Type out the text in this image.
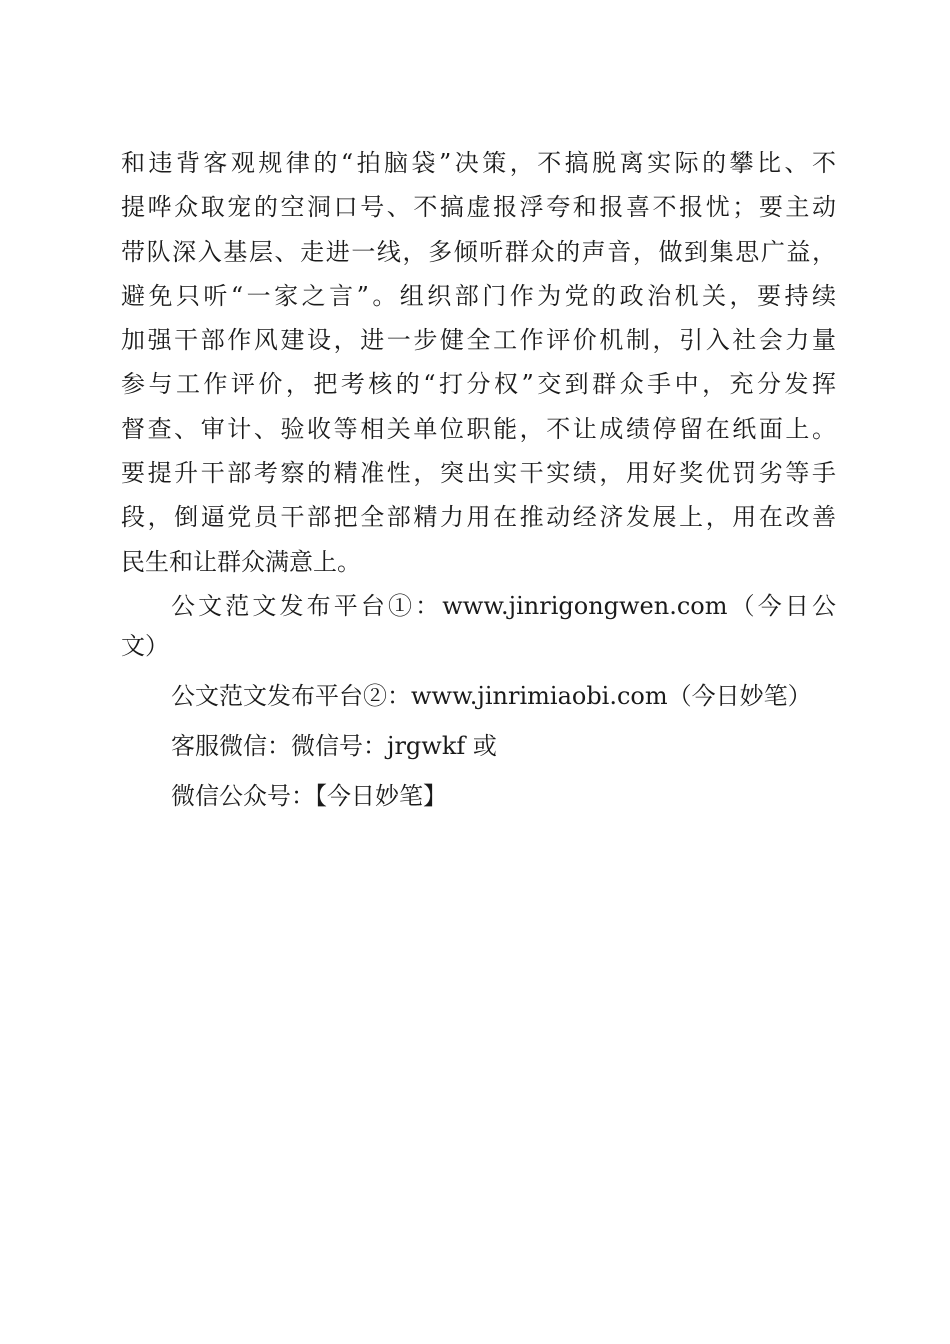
和违背客观规律的“拍脑袋”决策，不搞脱离实际的攀比、不
提哗众取宠的空洞口号、不搞虚报浮夸和报喜不报忧；要主动
带队深入基层、走进一线，多倾听群众的声音，做到集思广益，
避免只听“一家之言”。组织部门作为党的政治机关，要持续
加强干部作风建设，进一步健全工作评价机制，引入社会力量
参与工作评价，把考核的“打分权”交到群众手中，充分发挥
督查、审计、验收等相关单位职能，不让成绩停留在纸面上。
要提升干部考察的精准性，突出实干实绩，用好奖优罚劣等手
段，倒逼党员干部把全部精力用在推动经济发展上，用在改善
民生和让群众满意上。
公文范文发布平台①：www.jinrigongwen.com（今日公
文）
公文范文发布平台②：www.jinrimiaobi.com（今日妙笔）
客服微信：微信号：jrgwkf 或
微信公众号：【今日妙笔】
